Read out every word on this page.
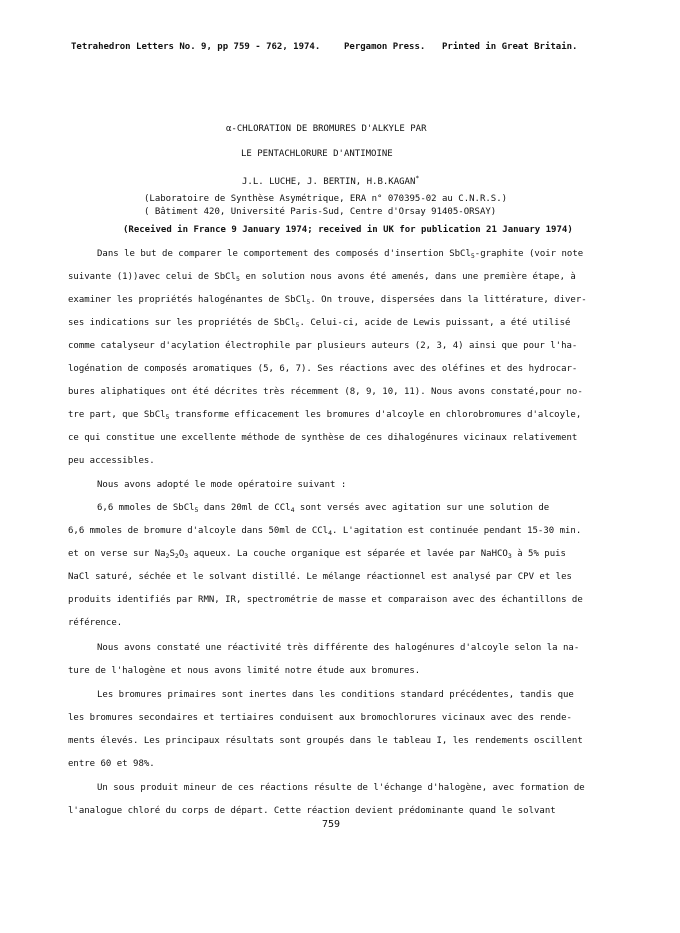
Tetrahedron Letters No. 9, pp 759 - 762, 1974.	Pergamon Press. Printed in Great Britain.
α-CHLORATION DE BROMURES D'ALKYLE PAR
LE PENTACHLORURE D'ANTIMOINE
J.L. LUCHE, J. BERTIN, H.B.KAGAN*
(Laboratoire de Synthèse Asymétrique, ERA n° 070395-02 au C.N.R.S.)
( Bâtiment 420, Université Paris-Sud, Centre d'Orsay 91405-ORSAY)
(Received in France 9 January 1974; received in UK for publication 21 January 1974)
Dans le but de comparer le comportement des composés d'insertion SbCl$_5$-graphite (voir note
suivante (1))avec celui de SbCl$_5$ en solution nous avons été amenés, dans une première étape, à
examiner les propriétés halogénantes de SbCl$_5$. On trouve, dispersées dans la littérature, diver-
ses indications sur les propriétés de SbCl$_5$. Celui-ci, acide de Lewis puissant, a été utilisé
comme catalyseur d'acylation électrophile par plusieurs auteurs (2, 3, 4) ainsi que pour l'ha-
logénation de composés aromatiques (5, 6, 7). Ses réactions avec des oléfines et des hydrocar-
bures aliphatiques ont été décrites très récemment (8, 9, 10, 11). Nous avons constaté,pour no-
tre part, que SbCl$_5$ transforme efficacement les bromures d'alcoyle en chlorobromures d'alcoyle,
ce qui constitue une excellente méthode de synthèse de ces dihalogénures vicinaux relativement
peu accessibles.
Nous avons adopté le mode opératoire suivant :
6,6 mmoles de SbCl$_5$ dans 20ml de CCl$_4$ sont versés avec agitation sur une solution de
6,6 mmoles de bromure d'alcoyle dans 50ml de CCl$_4$. L'agitation est continuée pendant 15-30 min.
et on verse sur $Na_2S_2O_3$ aqueux. La couche organique est séparée et lavée par NaHCO$_3$ à 5% puis
NaCl saturé, séchée et le solvant distillé. Le mélange réactionnel est analysé par CPV et les
produits identifiés par RMN, IR, spectrométrie de masse et comparaison avec des échantillons de
référence.
Nous avons constaté une réactivité très différente des halogénures d'alcoyle selon la na-
ture de l'halogène et nous avons limité notre étude aux bromures.
Les bromures primaires sont inertes dans les conditions standard précédentes, tandis que
les bromures secondaires et tertiaires conduisent aux bromochlorures vicinaux avec des rende-
ments élevés. Les principaux résultats sont groupés dans le tableau I, les rendements oscillent
entre 60 et 98%.
Un sous produit mineur de ces réactions résulte de l'échange d'halogène, avec formation de
l'analogue chloré du corps de départ. Cette réaction devient prédominante quand le solvant
759
